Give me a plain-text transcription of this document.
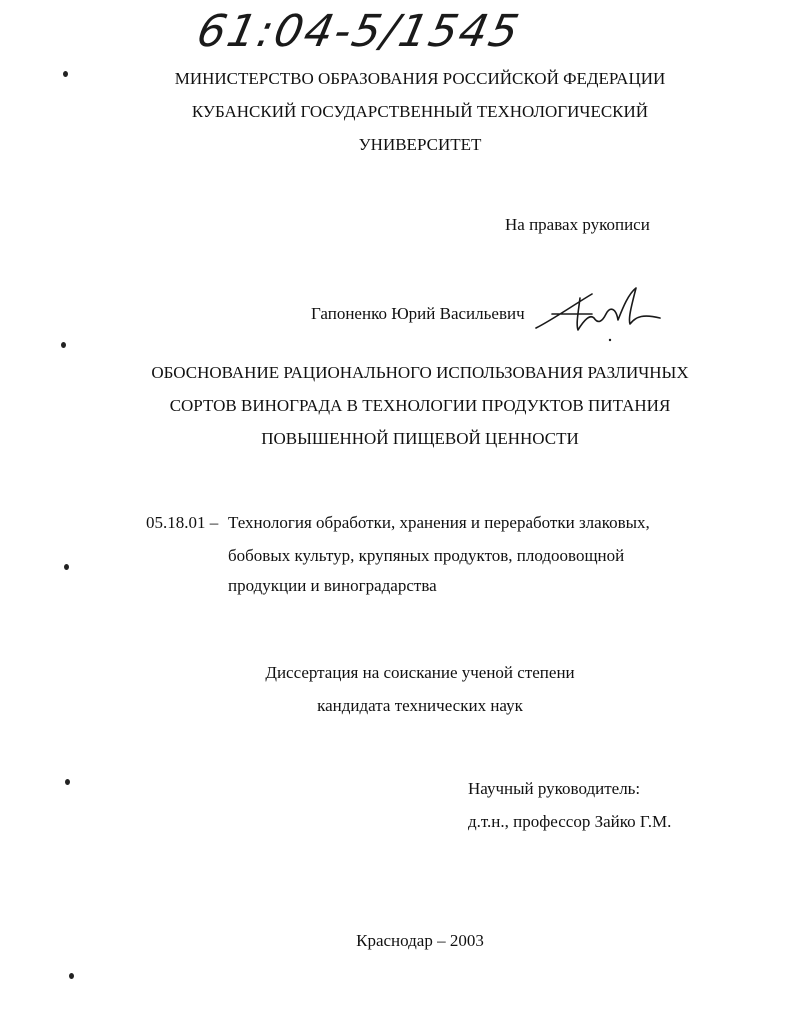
61:04-5/1545
МИНИСТЕРСТВО ОБРАЗОВАНИЯ РОССИЙСКОЙ ФЕДЕРАЦИИ
КУБАНСКИЙ ГОСУДАРСТВЕННЫЙ ТЕХНОЛОГИЧЕСКИЙ
УНИВЕРСИТЕТ
На правах рукописи
Гапоненко Юрий Васильевич
ОБОСНОВАНИЕ РАЦИОНАЛЬНОГО ИСПОЛЬЗОВАНИЯ РАЗЛИЧНЫХ
СОРТОВ ВИНОГРАДА В ТЕХНОЛОГИИ ПРОДУКТОВ ПИТАНИЯ
ПОВЫШЕННОЙ ПИЩЕВОЙ ЦЕННОСТИ
05.18.01 – Технология обработки, хранения и переработки злаковых,
бобовых культур, крупяных продуктов, плодоовощной
продукции и виноградарства
Диссертация на соискание ученой степени
кандидата технических наук
Научный руководитель:
д.т.н., профессор Зайко Г.М.
Краснодар – 2003
